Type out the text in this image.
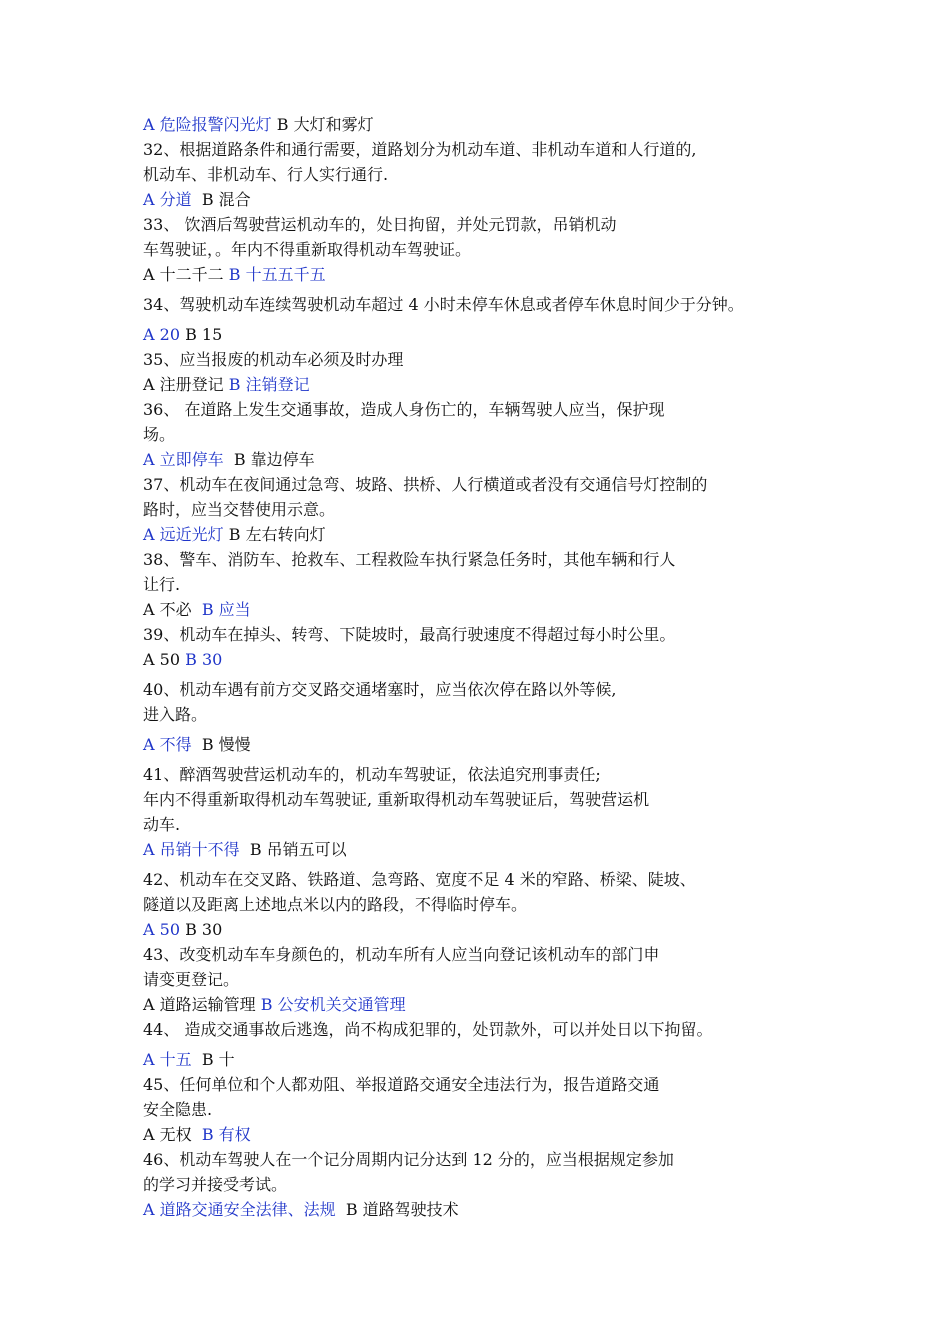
A 危险报警闪光灯 B 大灯和雾灯
32、根据道路条件和通行需要，道路划分为机动车道、非机动车道和人行道的,
机动车、非机动车、行人实行通行.
A 分道  B 混合
33、 饮酒后驾驶营运机动车的，处日拘留，并处元罚款，吊销机动
车驾驶证，。年内不得重新取得机动车驾驶证。
A 十二千二 B 十五五千五
34、驾驶机动车连续驾驶机动车超过 4 小时未停车休息或者停车休息时间少于分钟。
A 20 B 15
35、应当报废的机动车必须及时办理
A 注册登记 B 注销登记
36、 在道路上发生交通事故，造成人身伤亡的，车辆驾驶人应当，保护现
场。
A 立即停车  B 靠边停车
37、机动车在夜间通过急弯、坡路、拱桥、人行横道或者没有交通信号灯控制的
路时，应当交替使用示意。
A 远近光灯 B 左右转向灯
38、警车、消防车、抢救车、工程救险车执行紧急任务时，其他车辆和行人
让行.
A 不必  B 应当
39、机动车在掉头、转弯、下陡坡时，最高行驶速度不得超过每小时公里。
A 50 B 30
40、机动车遇有前方交叉路交通堵塞时，应当依次停在路以外等候,
进入路。
A 不得  B 慢慢
41、醉酒驾驶营运机动车的，机动车驾驶证，依法追究刑事责任;
年内不得重新取得机动车驾驶证, 重新取得机动车驾驶证后，驾驶营运机
动车.
A 吊销十不得  B 吊销五可以
42、机动车在交叉路、铁路道、急弯路、宽度不足 4 米的窄路、桥梁、陡坡、
隧道以及距离上述地点米以内的路段，不得临时停车。
A 50 B 30
43、改变机动车车身颜色的，机动车所有人应当向登记该机动车的部门申
请变更登记。
A 道路运输管理 B 公安机关交通管理
44、 造成交通事故后逃逸，尚不构成犯罪的，处罚款外，可以并处日以下拘留。
A 十五  B 十
45、任何单位和个人都劝阻、举报道路交通安全违法行为，报告道路交通
安全隐患.
A 无权  B 有权
46、机动车驾驶人在一个记分周期内记分达到 12 分的，应当根据规定参加
的学习并接受考试。
A 道路交通安全法律、法规  B 道路驾驶技术
